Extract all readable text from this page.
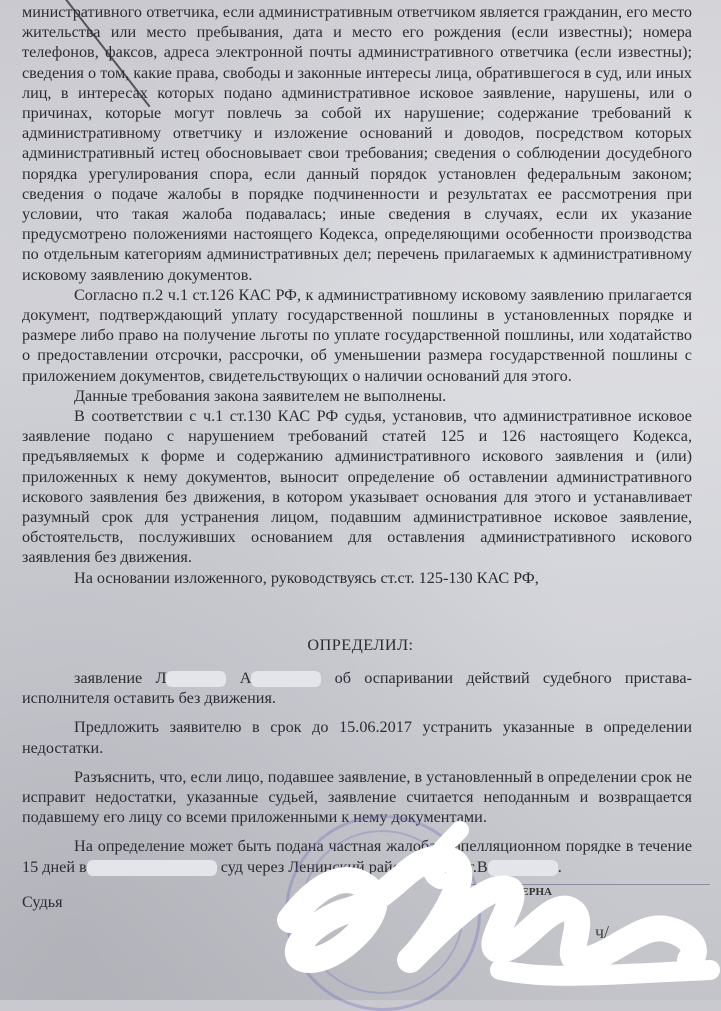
министративного ответчика, если административным ответчиком является гражданин, его место жительства или место пребывания, дата и место его рождения (если известны); номера телефонов, факсов, адреса электронной почты административного ответчика (если известны); сведения о том, какие права, свободы и законные интересы лица, обратившегося в суд, или иных лиц, в интересах которых подано административное исковое заявление, нарушены, или о причинах, которые могут повлечь за собой их нарушение; содержание требований к административному ответчику и изложение оснований и доводов, посредством которых административный истец обосновывает свои требования; сведения о соблюдении досудебного порядка урегулирования спора, если данный порядок установлен федеральным законом; сведения о подаче жалобы в порядке подчиненности и результатах ее рассмотрения при условии, что такая жалоба подавалась; иные сведения в случаях, если их указание предусмотрено положениями настоящего Кодекса, определяющими особенности производства по отдельным категориям административных дел; перечень прилагаемых к административному исковому заявлению документов.

Согласно п.2 ч.1 ст.126 КАС РФ, к административному исковому заявлению прилагается документ, подтверждающий уплату государственной пошлины в установленных порядке и размере либо право на получение льготы по уплате государственной пошлины, или ходатайство о предоставлении отсрочки, рассрочки, об уменьшении размера государственной пошлины с приложением документов, свидетельствующих о наличии оснований для этого.

Данные требования закона заявителем не выполнены.

В соответствии с ч.1 ст.130 КАС РФ судья, установив, что административное исковое заявление подано с нарушением требований статей 125 и 126 настоящего Кодекса, предъявляемых к форме и содержанию административного искового заявления и (или) приложенных к нему документов, выносит определение об оставлении административного искового заявления без движения, в котором указывает основания для этого и устанавливает разумный срок для устранения лицом, подавшим административное исковое заявление, обстоятельств, послуживших основанием для оставления административного искового заявления без движения.

На основании изложенного, руководствуясь ст.ст. 125-130 КАС РФ,

ОПРЕДЕЛИЛ:

заявление Л	А	об оспаривании действий судебного пристава-исполнителя оставить без движения.

Предложить заявителю в срок до 15.06.2017 устранить указанные в определении недостатки.

Разъяснить, что, если лицо, подавшее заявление, в установленный в определении срок не исправит недостатки, указанные судьей, заявление считается неподанным и возвращается подавшему его лицу со всеми приложенными к нему документами.

На определение может быть подана частная жалоба в апелляционном порядке в течение 15 дней в	суд через Ленинский районный суд г.В	.

Судья
...ПИЯ ВЕРНА
ч/
